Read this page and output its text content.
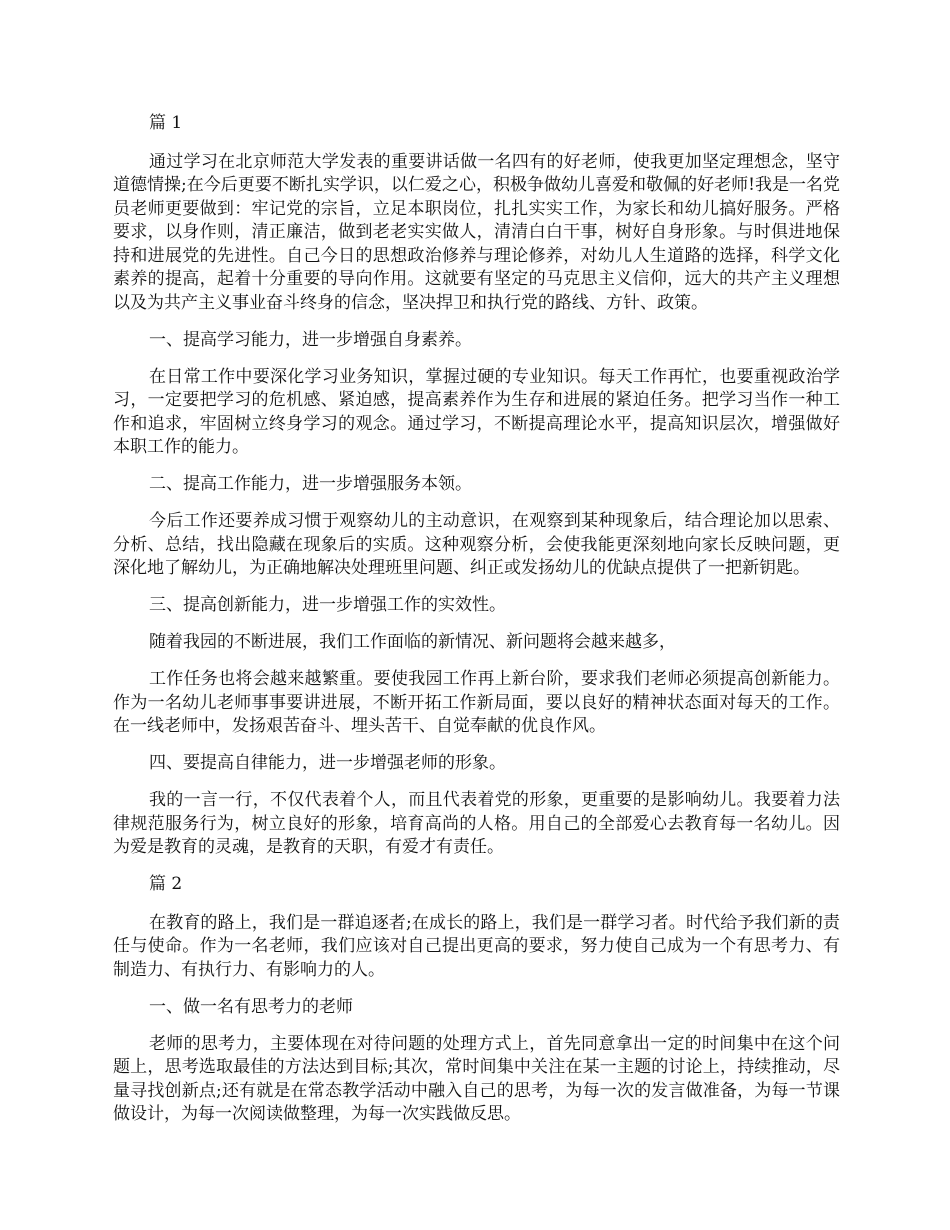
篇 1

通过学习在北京师范大学发表的重要讲话做一名四有的好老师，使我更加坚定理想念，坚守道德情操;在今后更要不断扎实学识，以仁爱之心，积极争做幼儿喜爱和敬佩的好老师!我是一名党员老师更要做到：牢记党的宗旨，立足本职岗位，扎扎实实工作，为家长和幼儿搞好服务。严格要求，以身作则，清正廉洁，做到老老实实做人，清清白白干事，树好自身形象。与时俱进地保持和进展党的先进性。自己今日的思想政治修养与理论修养，对幼儿人生道路的选择，科学文化素养的提高，起着十分重要的导向作用。这就要有坚定的马克思主义信仰，远大的共产主义理想以及为共产主义事业奋斗终身的信念，坚决捍卫和执行党的路线、方针、政策。

一、提高学习能力，进一步增强自身素养。

在日常工作中要深化学习业务知识，掌握过硬的专业知识。每天工作再忙，也要重视政治学习，一定要把学习的危机感、紧迫感，提高素养作为生存和进展的紧迫任务。把学习当作一种工作和追求，牢固树立终身学习的观念。通过学习，不断提高理论水平，提高知识层次，增强做好本职工作的能力。

二、提高工作能力，进一步增强服务本领。

今后工作还要养成习惯于观察幼儿的主动意识，在观察到某种现象后，结合理论加以思索、分析、总结，找出隐藏在现象后的实质。这种观察分析，会使我能更深刻地向家长反映问题，更深化地了解幼儿，为正确地解决处理班里问题、纠正或发扬幼儿的优缺点提供了一把新钥匙。

三、提高创新能力，进一步增强工作的实效性。

随着我园的不断进展，我们工作面临的新情况、新问题将会越来越多，

工作任务也将会越来越繁重。要使我园工作再上新台阶，要求我们老师必须提高创新能力。作为一名幼儿老师事事要讲进展，不断开拓工作新局面，要以良好的精神状态面对每天的工作。在一线老师中，发扬艰苦奋斗、埋头苦干、自觉奉献的优良作风。

四、要提高自律能力，进一步增强老师的形象。

我的一言一行，不仅代表着个人，而且代表着党的形象，更重要的是影响幼儿。我要着力法律规范服务行为，树立良好的形象，培育高尚的人格。用自己的全部爱心去教育每一名幼儿。因为爱是教育的灵魂，是教育的天职，有爱才有责任。

篇 2

在教育的路上，我们是一群追逐者;在成长的路上，我们是一群学习者。时代给予我们新的责任与使命。作为一名老师，我们应该对自己提出更高的要求，努力使自己成为一个有思考力、有制造力、有执行力、有影响力的人。

一、做一名有思考力的老师

老师的思考力，主要体现在对待问题的处理方式上，首先同意拿出一定的时间集中在这个问题上，思考选取最佳的方法达到目标;其次，常时间集中关注在某一主题的讨论上，持续推动，尽量寻找创新点;还有就是在常态教学活动中融入自己的思考，为每一次的发言做准备，为每一节课做设计，为每一次阅读做整理，为每一次实践做反思。
